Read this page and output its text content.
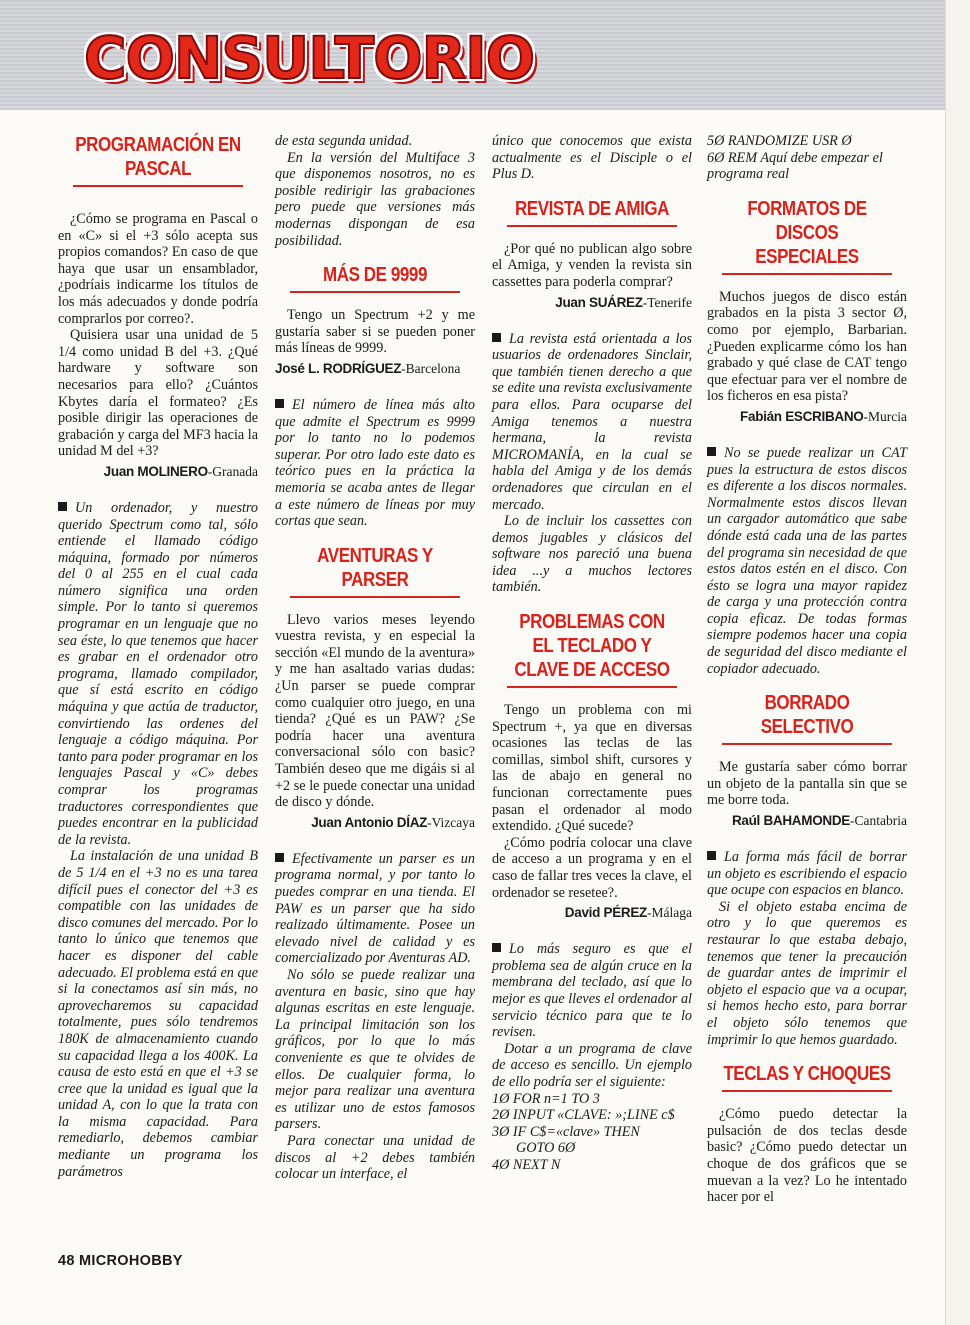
CONSULTORIO
PROGRAMACIÓN EN PASCAL

¿Cómo se programa en Pascal o en «C» si el +3 sólo acepta sus propios comandos? En caso de que haya que usar un ensamblador, ¿podríais indicarme los títulos de los más adecuados y donde podría comprarlos por correo?.

Quisiera usar una unidad de 5 1/4 como unidad B del +3. ¿Qué hardware y software son necesarios para ello? ¿Cuántos Kbytes daría el formateo? ¿Es posible dirigir las operaciones de grabación y carga del MF3 hacia la unidad M del +3?

Juan MOLINERO-Granada

Un ordenador, y nuestro querido Spectrum como tal, sólo entiende el llamado código máquina, formado por números del 0 al 255 en el cual cada número significa una orden simple. Por lo tanto si queremos programar en un lenguaje que no sea éste, lo que tenemos que hacer es grabar en el ordenador otro programa, llamado compilador, que sí está escrito en código máquina y que actúa de traductor, convirtiendo las ordenes del lenguaje a código máquina. Por tanto para poder programar en los lenguajes Pascal y «C» debes comprar los programas traductores correspondientes que puedes encontrar en la publicidad de la revista.

La instalación de una unidad B de 5 1/4 en el +3 no es una tarea difícil pues el conector del +3 es compatible con las unidades de disco comunes del mercado. Por lo tanto lo único que tenemos que hacer es disponer del cable adecuado. El problema está en que si la conectamos así sin más, no aprovecharemos su capacidad totalmente, pues sólo tendremos 180K de almacenamiento cuando su capacidad llega a los 400K. La causa de esto está en que el +3 se cree que la unidad es igual que la unidad A, con lo que la trata con la misma capacidad. Para remediarlo, debemos cambiar mediante un programa los parámetros

de esta segunda unidad.

En la versión del Multiface 3 que disponemos nosotros, no es posible redirigir las grabaciones pero puede que versiones más modernas dispongan de esa posibilidad.

MÁS DE 9999

Tengo un Spectrum +2 y me gustaría saber si se pueden poner más líneas de 9999.

José L. RODRÍGUEZ-Barcelona

El número de línea más alto que admite el Spectrum es 9999 por lo tanto no lo podemos superar. Por otro lado este dato es teórico pues en la práctica la memoria se acaba antes de llegar a este número de líneas por muy cortas que sean.

AVENTURAS Y PARSER

Llevo varios meses leyendo vuestra revista, y en especial la sección «El mundo de la aventura» y me han asaltado varias dudas: ¿Un parser se puede comprar como cualquier otro juego, en una tienda? ¿Qué es un PAW? ¿Se podría hacer una aventura conversacional sólo con basic? También deseo que me digáis si al +2 se le puede conectar una unidad de disco y dónde.

Juan Antonio DÍAZ-Vizcaya

Efectivamente un parser es un programa normal, y por tanto lo puedes comprar en una tienda. El PAW es un parser que ha sido realizado últimamente. Posee un elevado nivel de calidad y es comercializado por Aventuras AD.

No sólo se puede realizar una aventura en basic, sino que hay algunas escritas en este lenguaje. La principal limitación son los gráficos, por lo que lo más conveniente es que te olvides de ellos. De cualquier forma, lo mejor para realizar una aventura es utilizar uno de estos famosos parsers.

Para conectar una unidad de discos al +2 debes también colocar un interface, el

único que conocemos que exista actualmente es el Disciple o el Plus D.

REVISTA DE AMIGA

¿Por qué no publican algo sobre el Amiga, y venden la revista sin cassettes para poderla comprar?

Juan SUÁREZ-Tenerife

La revista está orientada a los usuarios de ordenadores Sinclair, que también tienen derecho a que se edite una revista exclusivamente para ellos. Para ocuparse del Amiga tenemos a nuestra hermana, la revista MICROMANÍA, en la cual se habla del Amiga y de los demás ordenadores que circulan en el mercado.

Lo de incluir los cassettes con demos jugables y clásicos del software nos pareció una buena idea ...y a muchos lectores también.

PROBLEMAS CON EL TECLADO Y CLAVE DE ACCESO

Tengo un problema con mi Spectrum +, ya que en diversas ocasiones las teclas de las comillas, simbol shift, cursores y las de abajo en general no funcionan correctamente pues pasan el ordenador al modo extendido. ¿Qué sucede?

¿Cómo podría colocar una clave de acceso a un programa y en el caso de fallar tres veces la clave, el ordenador se resetee?.

David PÉREZ-Málaga

Lo más seguro es que el problema sea de algún cruce en la membrana del teclado, así que lo mejor es que lleves el ordenador al servicio técnico para que te lo revisen.

Dotar a un programa de clave de acceso es sencillo. Un ejemplo de ello podría ser el siguiente:

1Ø FOR n=1 TO 3
2Ø INPUT «CLAVE: »;LINE c$
3Ø IF C$=«clave» THEN
GOTO 6Ø
4Ø NEXT N
5Ø RANDOMIZE USR Ø
6Ø REM Aquí debe empezar el programa real
FORMATOS DE DISCOS ESPECIALES

Muchos juegos de disco están grabados en la pista 3 sector Ø, como por ejemplo, Barbarian. ¿Pueden explicarme cómo los han grabado y qué clase de CAT tengo que efectuar para ver el nombre de los ficheros en esa pista?

Fabián ESCRIBANO-Murcia

No se puede realizar un CAT pues la estructura de estos discos es diferente a los discos normales. Normalmente estos discos llevan un cargador automático que sabe dónde está cada una de las partes del programa sin necesidad de que estos datos estén en el disco. Con ésto se logra una mayor rapidez de carga y una protección contra copia eficaz. De todas formas siempre podemos hacer una copia de seguridad del disco mediante el copiador adecuado.

BORRADO SELECTIVO

Me gustaría saber cómo borrar un objeto de la pantalla sin que se me borre toda.

Raúl BAHAMONDE-Cantabria

La forma más fácil de borrar un objeto es escribiendo el espacio que ocupe con espacios en blanco.

Si el objeto estaba encima de otro y lo que queremos es restaurar lo que estaba debajo, tenemos que tener la precaución de guardar antes de imprimir el objeto el espacio que va a ocupar, si hemos hecho esto, para borrar el objeto sólo tenemos que imprimir lo que hemos guardado.

TECLAS Y CHOQUES

¿Cómo puedo detectar la pulsación de dos teclas desde basic? ¿Cómo puedo detectar un choque de dos gráficos que se muevan a la vez? Lo he intentado hacer por el

48 MICROHOBBY
